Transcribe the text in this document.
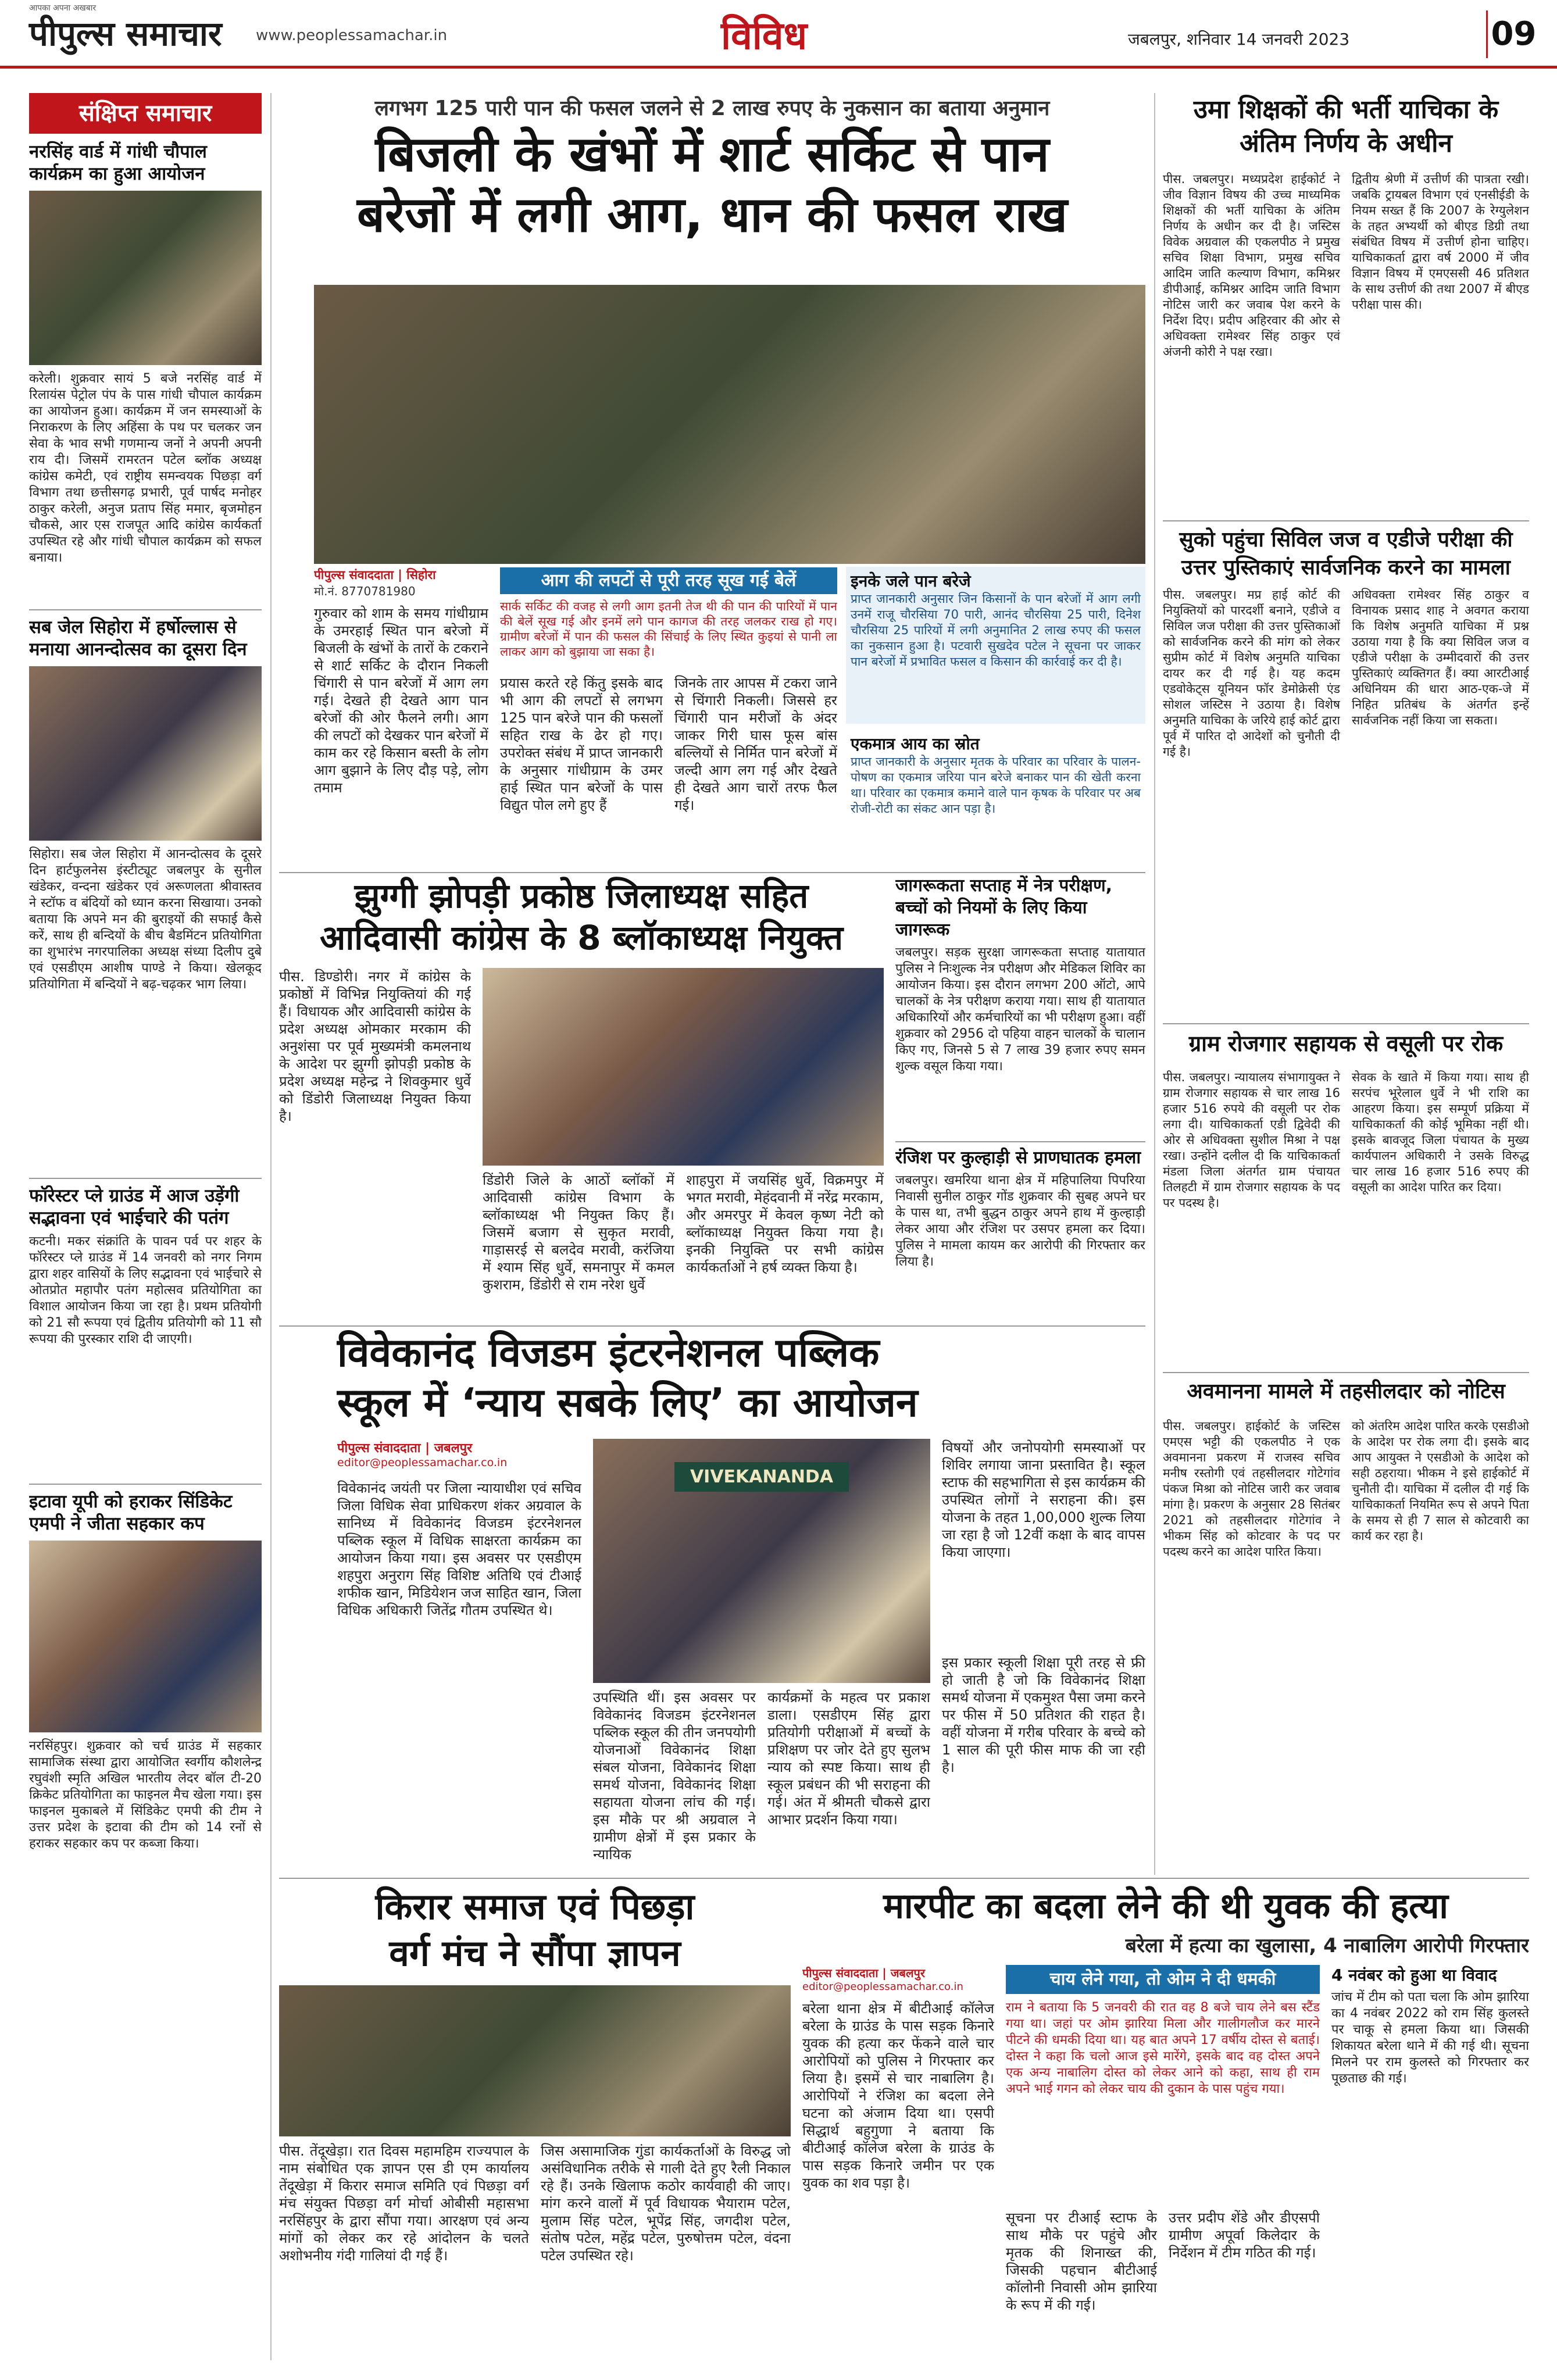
आपका अपना अखबार
पीपुल्स समाचार www.peoplessamachar.in	विविध	जबलपुर, शनिवार 14 जनवरी 2023	09
संक्षिप्त समाचार
नरसिंह वार्ड में गांधी चौपाल कार्यक्रम का हुआ आयोजन
करेली। शुक्रवार सायं 5 बजे नरसिंह वार्ड में रिलायंस पेट्रोल पंप के पास गांधी चौपाल कार्यक्रम का आयोजन हुआ। कार्यक्रम में जन समस्याओं के निराकरण के लिए अहिंसा के पथ पर चलकर जन सेवा के भाव सभी गणमान्य जनों ने अपनी अपनी राय दी। जिसमें रामरतन पटेल ब्लॉक अध्यक्ष कांग्रेस कमेटी, एवं राष्ट्रीय समन्वयक पिछड़ा वर्ग विभाग तथा छत्तीसगढ़ प्रभारी, पूर्व पार्षद मनोहर ठाकुर करेली, अनुज प्रताप सिंह ममार, बृजमोहन चौकसे, आर एस राजपूत आदि कांग्रेस कार्यकर्ता उपस्थित रहे और गांधी चौपाल कार्यक्रम को सफल बनाया।
सब जेल सिहोरा में हर्षोल्लास से मनाया आनन्दोत्सव का दूसरा दिन
सिहोरा। सब जेल सिहोरा में आनन्दोत्सव के दूसरे दिन हार्टफुलनेस इंस्टीट्यूट जबलपुर के सुनील खंडेकर, वन्दना खंडेकर एवं अरूणलता श्रीवास्तव ने स्टॉफ व बंदियों को ध्यान करना सिखाया। उनको बताया कि अपने मन की बुराइयों की सफाई कैसे करें, साथ ही बन्दियों के बीच बैडमिंटन प्रतियोगिता का शुभारंभ नगरपालिका अध्यक्ष संध्या दिलीप दुबे एवं एसडीएम आशीष पाण्डे ने किया। खेलकूद प्रतियोगिता में बन्दियों ने बढ़-चढ़कर भाग लिया।
फॉरेस्टर प्ले ग्राउंड में आज उड़ेंगी सद्भावना एवं भाईचारे की पतंग
कटनी। मकर संक्रांति के पावन पर्व पर शहर के फॉरेस्टर प्ले ग्राउंड में 14 जनवरी को नगर निगम द्वारा शहर वासियों के लिए सद्भावना एवं भाईचारे से ओतप्रोत महापौर पतंग महोत्सव प्रतियोगिता का विशाल आयोजन किया जा रहा है। प्रथम प्रतियोगी को 21 सौ रूपया एवं द्वितीय प्रतियोगी को 11 सौ रूपया की पुरस्कार राशि दी जाएगी।
इटावा यूपी को हराकर सिंडिकेट एमपी ने जीता सहकार कप
नरसिंहपुर। शुक्रवार को चर्च ग्राउंड में सहकार सामाजिक संस्था द्वारा आयोजित स्वर्गीय कौशलेन्द्र रघुवंशी स्मृति अखिल भारतीय लेदर बॉल टी-20 क्रिकेट प्रतियोगिता का फाइनल मैच खेला गया। इस फाइनल मुकाबले में सिंडिकेट एमपी की टीम ने उत्तर प्रदेश के इटावा की टीम को 14 रनों से हराकर सहकार कप पर कब्जा किया।
लगभग 125 पारी पान की फसल जलने से 2 लाख रुपए के नुकसान का बताया अनुमान
बिजली के खंभों में शार्ट सर्किट से पान
बरेजों में लगी आग, धान की फसल राख
पीपुल्स संवाददाता | सिहोरा
मो.नं. 8770781980
आग की लपटों से पूरी तरह सूख गई बेलें
सार्क सर्किट की वजह से लगी आग इतनी तेज थी की पान की पारियों में पान की बेलें सूख गई और इनमें लगे पान कागज की तरह जलकर राख हो गए। ग्रामीण बरेजों में पान की फसल की सिंचाई के लिए स्थित कुइयां से पानी ला लाकर आग को बुझाया जा सका है।
गुरुवार को शाम के समय गांधीग्राम के उमरहाई स्थित पान बरेजो में बिजली के खंभों के तारों के टकराने से शार्ट सर्किट के दौरान निकली चिंगारी से पान बरेजों में आग लग गई। देखते ही देखते आग पान बरेजों की ओर फैलने लगी। आग की लपटों को देखकर पान बरेजों में काम कर रहे किसान बस्ती के लोग आग बुझाने के लिए दौड़ पड़े, लोग तमाम
प्रयास करते रहे किंतु इसके बाद भी आग की लपटों से लगभग 125 पान बरेजे पान की फसलों सहित राख के ढेर हो गए। उपरोक्त संबंध में प्राप्त जानकारी के अनुसार गांधीग्राम के उमर हाई स्थित पान बरेजों के पास विद्युत पोल लगे हुए हैं
जिनके तार आपस में टकरा जाने से चिंगारी निकली। जिससे हर चिंगारी पान मरीजों के अंदर जाकर गिरी घास फूस बांस बल्लियों से निर्मित पान बरेजों में जल्दी आग लग गई और देखते ही देखते आग चारों तरफ फैल गई।
इनके जले पान बरेजे
प्राप्त जानकारी अनुसार जिन किसानों के पान बरेजों में आग लगी उनमें राजू चौरसिया 70 पारी, आनंद चौरसिया 25 पारी, दिनेश चौरसिया 25 पारियों में लगी अनुमानित 2 लाख रुपए की फसल का नुकसान हुआ है। पटवारी सुखदेव पटेल ने सूचना पर जाकर पान बरेजों में प्रभावित फसल व किसान की कार्रवाई कर दी है।
एकमात्र आय का स्रोत
प्राप्त जानकारी के अनुसार मृतक के परिवार का परिवार के पालन-पोषण का एकमात्र जरिया पान बरेजे बनाकर पान की खेती करना था। परिवार का एकमात्र कमाने वाले पान कृषक के परिवार पर अब रोजी-रोटी का संकट आन पड़ा है।
झुग्गी झोपड़ी प्रकोष्ठ जिलाध्यक्ष सहित
आदिवासी कांग्रेस के 8 ब्लॉकाध्यक्ष नियुक्त
पीस. डिण्डोरी। नगर में कांग्रेस के प्रकोष्ठों में विभिन्न नियुक्तियां की गई हैं। विधायक और आदिवासी कांग्रेस के प्रदेश अध्यक्ष ओमकार मरकाम की अनुशंसा पर पूर्व मुख्यमंत्री कमलनाथ के आदेश पर झुग्गी झोपड़ी प्रकोष्ठ के प्रदेश अध्यक्ष महेन्द्र ने शिवकुमार धुर्वे को डिंडोरी जिलाध्यक्ष नियुक्त किया है।
डिंडोरी जिले के आठों ब्लॉकों में आदिवासी कांग्रेस विभाग के ब्लॉकाध्यक्ष भी नियुक्त किए हैं। जिसमें बजाग से सुकृत मरावी, गाड़ासरई से बलदेव मरावी, करंजिया में श्याम सिंह धुर्वे, समनापुर में कमल कुशराम, डिंडोरी से राम नरेश धुर्वे
शाहपुरा में जयसिंह धुर्वे, विक्रमपुर में भगत मरावी, मेहंदवानी में नरेंद्र मरकाम, और अमरपुर में केवल कृष्ण नेटी को ब्लॉकाध्यक्ष नियुक्त किया गया है। इनकी नियुक्ति पर सभी कांग्रेस कार्यकर्ताओं ने हर्ष व्यक्त किया है।
जागरूकता सप्ताह में नेत्र परीक्षण, बच्चों को नियमों के लिए किया जागरूक
जबलपुर। सड़क सुरक्षा जागरूकता सप्ताह यातायात पुलिस ने निःशुल्क नेत्र परीक्षण और मेडिकल शिविर का आयोजन किया। इस दौरान लगभग 200 ऑटो, आपे चालकों के नेत्र परीक्षण कराया गया। साथ ही यातायात अधिकारियों और कर्मचारियों का भी परीक्षण हुआ। वहीं शुक्रवार को 2956 दो पहिया वाहन चालकों के चालान किए गए, जिनसे 5 से 7 लाख 39 हजार रुपए समन शुल्क वसूल किया गया।
रंजिश पर कुल्हाड़ी से प्राणघातक हमला
जबलपुर। खमरिया थाना क्षेत्र में महिपालिया पिपरिया निवासी सुनील ठाकुर गोंड शुक्रवार की सुबह अपने घर के पास था, तभी बुद्धन ठाकुर अपने हाथ में कुल्हाड़ी लेकर आया और रंजिश पर उसपर हमला कर दिया। पुलिस ने मामला कायम कर आरोपी की गिरफ्तार कर लिया है।
विवेकानंद विजडम इंटरनेशनल पब्लिक
स्कूल में ‘न्याय सबके लिए’ का आयोजन
पीपुल्स संवाददाता | जबलपुर
editor@peoplessamachar.co.in
विवेकानंद जयंती पर जिला न्यायाधीश एवं सचिव जिला विधिक सेवा प्राधिकरण शंकर अग्रवाल के सानिध्य में विवेकानंद विजडम इंटरनेशनल पब्लिक स्कूल में विधिक साक्षरता कार्यक्रम का आयोजन किया गया। इस अवसर पर एसडीएम शहपुरा अनुराग सिंह विशिष्ट अतिथि एवं टीआई शफीक खान, मिडियेशन जज साहित खान, जिला विधिक अधिकारी जितेंद्र गौतम उपस्थित थे।
VIVEKANANDA
उपस्थिति थीं। इस अवसर पर विवेकानंद विजडम इंटरनेशनल पब्लिक स्कूल की तीन जनपयोगी योजनाओं विवेकानंद शिक्षा संबल योजना, विवेकानंद शिक्षा समर्थ योजना, विवेकानंद शिक्षा सहायता योजना लांच की गई। इस मौके पर श्री अग्रवाल ने ग्रामीण क्षेत्रों में इस प्रकार के न्यायिक
कार्यक्रमों के महत्व पर प्रकाश डाला। एसडीएम सिंह द्वारा प्रतियोगी परीक्षाओं में बच्चों के प्रशिक्षण पर जोर देते हुए सुलभ न्याय को स्पष्ट किया। साथ ही स्कूल प्रबंधन की भी सराहना की गई। अंत में श्रीमती चौकसे द्वारा आभार प्रदर्शन किया गया।
विषयों और जनोपयोगी समस्याओं पर शिविर लगाया जाना प्रस्तावित है। स्कूल स्टाफ की सहभागिता से इस कार्यक्रम की उपस्थित लोगों ने सराहना की। इस योजना के तहत 1,00,000 शुल्क लिया जा रहा है जो 12वीं कक्षा के बाद वापस किया जाएगा।
इस प्रकार स्कूली शिक्षा पूरी तरह से फ्री हो जाती है जो कि विवेकानंद शिक्षा समर्थ योजना में एकमुश्त पैसा जमा करने पर फीस में 50 प्रतिशत की राहत है। वहीं योजना में गरीब परिवार के बच्चे को 1 साल की पूरी फीस माफ की जा रही है।
किरार समाज एवं पिछड़ा
वर्ग मंच ने सौंपा ज्ञापन
पीस. तेंदूखेड़ा। रात दिवस महामहिम राज्यपाल के नाम संबोधित एक ज्ञापन एस डी एम कार्यालय तेंदूखेड़ा में किरार समाज समिति एवं पिछड़ा वर्ग मंच संयुक्त पिछड़ा वर्ग मोर्चा ओबीसी महासभा नरसिंहपुर के द्वारा सौंपा गया। आरक्षण एवं अन्य मांगों को लेकर कर रहे आंदोलन के चलते अशोभनीय गंदी गालियां दी गई हैं।
जिस असामाजिक गुंडा कार्यकर्ताओं के विरुद्ध जो असंविधानिक तरीके से गाली देते हुए रैली निकाल रहे हैं। उनके खिलाफ कठोर कार्यवाही की जाए। मांग करने वालों में पूर्व विधायक भैयाराम पटेल, मुलाम सिंह पटेल, भूपेंद्र सिंह, जगदीश पटेल, संतोष पटेल, महेंद्र पटेल, पुरुषोत्तम पटेल, वंदना पटेल उपस्थित रहे।
मारपीट का बदला लेने की थी युवक की हत्या
बरेला में हत्या का खुलासा, 4 नाबालिग आरोपी गिरफ्तार
पीपुल्स संवाददाता | जबलपुर
editor@peoplessamachar.co.in
बरेला थाना क्षेत्र में बीटीआई कॉलेज बरेला के ग्राउंड के पास सड़क किनारे युवक की हत्या कर फेंकने वाले चार आरोपियों को पुलिस ने गिरफ्तार कर लिया है। इसमें से चार नाबालिग है। आरोपियों ने रंजिश का बदला लेने घटना को अंजाम दिया था। एसपी सिद्धार्थ बहुगुणा ने बताया कि बीटीआई कॉलेज बरेला के ग्राउंड के पास सड़क किनारे जमीन पर एक युवक का शव पड़ा है।
चाय लेने गया, तो ओम ने दी धमकी
राम ने बताया कि 5 जनवरी की रात वह 8 बजे चाय लेने बस स्टैंड गया था। जहां पर ओम झारिया मिला और गालीगलौज कर मारने पीटने की धमकी दिया था। यह बात अपने 17 वर्षीय दोस्त से बताई। दोस्त ने कहा कि चलो आज इसे मारेंगे, इसके बाद वह दोस्त अपने एक अन्य नाबालिग दोस्त को लेकर आने को कहा, साथ ही राम अपने भाई गगन को लेकर चाय की दुकान के पास पहुंच गया।
सूचना पर टीआई स्टाफ के साथ मौके पर पहुंचे और मृतक की शिनाख्त की, जिसकी पहचान बीटीआई कॉलोनी निवासी ओम झारिया के रूप में की गई।
उत्तर प्रदीप शेंडे और डीएसपी ग्रामीण अपूर्वा किलेदार के निर्देशन में टीम गठित की गई।
4 नवंबर को हुआ था विवाद
जांच में टीम को पता चला कि ओम झारिया का 4 नवंबर 2022 को राम सिंह कुलस्ते पर चाकू से हमला किया था। जिसकी शिकायत बरेला थाने में की गई थी। सूचना मिलने पर राम कुलस्ते को गिरफ्तार कर पूछताछ की गई।
उमा शिक्षकों की भर्ती याचिका के अंतिम निर्णय के अधीन
पीस. जबलपुर। मध्यप्रदेश हाईकोर्ट ने जीव विज्ञान विषय की उच्च माध्यमिक शिक्षकों की भर्ती याचिका के अंतिम निर्णय के अधीन कर दी है। जस्टिस विवेक अग्रवाल की एकलपीठ ने प्रमुख सचिव शिक्षा विभाग, प्रमुख सचिव आदिम जाति कल्याण विभाग, कमिश्नर डीपीआई, कमिश्नर आदिम जाति विभाग नोटिस जारी कर जवाब पेश करने के निर्देश दिए। प्रदीप अहिरवार की ओर से अधिवक्ता रामेश्वर सिंह ठाकुर एवं अंजनी कोरी ने पक्ष रखा।
द्वितीय श्रेणी में उत्तीर्ण की पात्रता रखी। जबकि ट्रायबल विभाग एवं एनसीईडी के नियम सख्त हैं कि 2007 के रेग्युलेशन के तहत अभ्यर्थी को बीएड डिग्री तथा संबंधित विषय में उत्तीर्ण होना चाहिए। याचिकाकर्ता द्वारा वर्ष 2000 में जीव विज्ञान विषय में एमएससी 46 प्रतिशत के साथ उत्तीर्ण की तथा 2007 में बीएड परीक्षा पास की।
सुको पहुंचा सिविल जज व एडीजे परीक्षा की उत्तर पुस्तिकाएं सार्वजनिक करने का मामला
पीस. जबलपुर। मप्र हाई कोर्ट की नियुक्तियों को पारदर्शी बनाने, एडीजे व सिविल जज परीक्षा की उत्तर पुस्तिकाओं को सार्वजनिक करने की मांग को लेकर सुप्रीम कोर्ट में विशेष अनुमति याचिका दायर कर दी गई है। यह कदम एडवोकेट्स यूनियन फॉर डेमोक्रेसी एंड सोशल जस्टिस ने उठाया है। विशेष अनुमति याचिका के जरिये हाई कोर्ट द्वारा पूर्व में पारित दो आदेशों को चुनौती दी गई है।
अधिवक्ता रामेश्वर सिंह ठाकुर व विनायक प्रसाद शाह ने अवगत कराया कि विशेष अनुमति याचिका में प्रश्न उठाया गया है कि क्या सिविल जज व एडीजे परीक्षा के उम्मीदवारों की उत्तर पुस्तिकाएं व्यक्तिगत हैं। क्या आरटीआई अधिनियम की धारा आठ-एक-जे में निहित प्रतिबंध के अंतर्गत इन्हें सार्वजनिक नहीं किया जा सकता।
ग्राम रोजगार सहायक से वसूली पर रोक
पीस. जबलपुर। न्यायालय संभागायुक्त ने ग्राम रोजगार सहायक से चार लाख 16 हजार 516 रुपये की वसूली पर रोक लगा दी। याचिकाकर्ता एडी द्विवेदी की ओर से अधिवक्ता सुशील मिश्रा ने पक्ष रखा। उन्होंने दलील दी कि याचिकाकर्ता मंडला जिला अंतर्गत ग्राम पंचायत तिलहटी में ग्राम रोजगार सहायक के पद पर पदस्थ है।
सेवक के खाते में किया गया। साथ ही सरपंच भूरेलाल धुर्वे ने भी राशि का आहरण किया। इस सम्पूर्ण प्रक्रिया में याचिकाकर्ता की कोई भूमिका नहीं थी। इसके बावजूद जिला पंचायत के मुख्य कार्यपालन अधिकारी ने उसके विरुद्ध चार लाख 16 हजार 516 रुपए की वसूली का आदेश पारित कर दिया।
अवमानना मामले में तहसीलदार को नोटिस
पीस. जबलपुर। हाईकोर्ट के जस्टिस एमएस भट्टी की एकलपीठ ने एक अवमानना प्रकरण में राजस्व सचिव मनीष रस्तोगी एवं तहसीलदार गोटेगांव पंकज मिश्रा को नोटिस जारी कर जवाब मांगा है। प्रकरण के अनुसार 28 सितंबर 2021 को तहसीलदार गोटेगांव ने भीकम सिंह को कोटवार के पद पर पदस्थ करने का आदेश पारित किया।
को अंतरिम आदेश पारित करके एसडीओ के आदेश पर रोक लगा दी। इसके बाद आप आयुक्त ने एसडीओ के आदेश को सही ठहराया। भीकम ने इसे हाईकोर्ट में चुनौती दी। याचिका में दलील दी गई कि याचिकाकर्ता नियमित रूप से अपने पिता के समय से ही 7 साल से कोटवारी का कार्य कर रहा है।
